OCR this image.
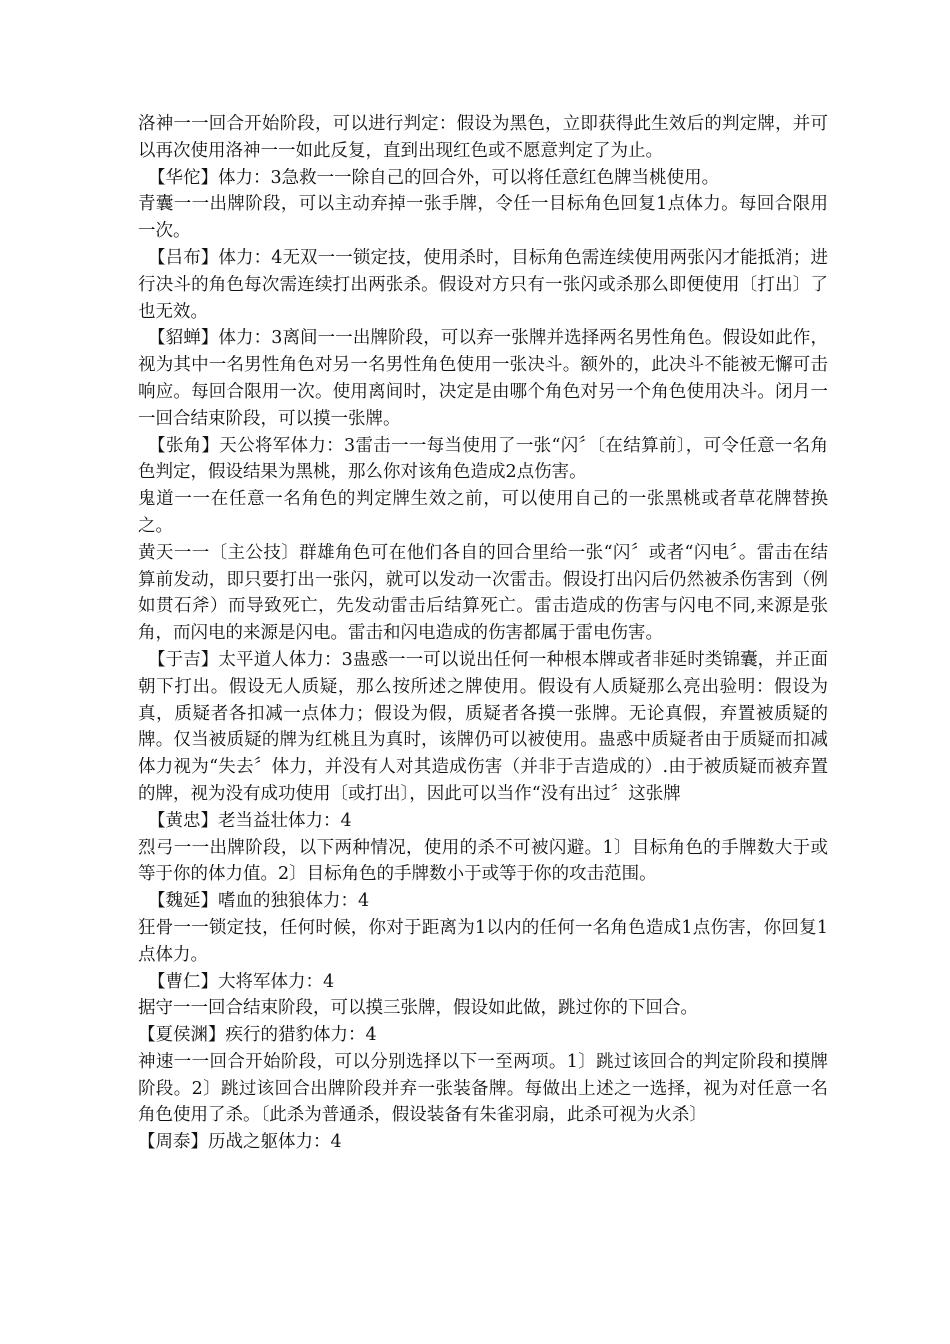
洛神一一回合开始阶段，可以进行判定：假设为黑色，立即获得此生效后的判定牌，并可以再次使用洛神一一如此反复，直到出现红色或不愿意判定了为止。

【华佗】体力：3急救一一除自己的回合外，可以将任意红色牌当桃使用。

青囊一一出牌阶段，可以主动弃掉一张手牌，令任一目标角色回复1点体力。每回合限用一次。

【吕布】体力：4无双一一锁定技，使用杀时，目标角色需连续使用两张闪才能抵消；进行决斗的角色每次需连续打出两张杀。假设对方只有一张闪或杀那么即便使用〔打出〕了也无效。

【貂蝉】体力：3离间一一出牌阶段，可以弃一张牌并选择两名男性角色。假设如此作，视为其中一名男性角色对另一名男性角色使用一张决斗。额外的，此决斗不能被无懈可击响应。每回合限用一次。使用离间时，决定是由哪个角色对另一个角色使用决斗。闭月一一回合结束阶段，可以摸一张牌。

【张角】天公将军体力：3雷击一一每当使用了一张“闪〞〔在结算前〕，可令任意一名角色判定，假设结果为黑桃，那么你对该角色造成2点伤害。

鬼道一一在任意一名角色的判定牌生效之前，可以使用自己的一张黑桃或者草花牌替换之。

黄天一一〔主公技〕群雄角色可在他们各自的回合里给一张“闪〞或者“闪电〞。雷击在结算前发动，即只要打出一张闪，就可以发动一次雷击。假设打出闪后仍然被杀伤害到（例如贯石斧）而导致死亡，先发动雷击后结算死亡。雷击造成的伤害与闪电不同,来源是张角，而闪电的来源是闪电。雷击和闪电造成的伤害都属于雷电伤害。

【于吉】太平道人体力：3蛊惑一一可以说出任何一种根本牌或者非延时类锦囊，并正面朝下打出。假设无人质疑，那么按所述之牌使用。假设有人质疑那么亮出验明：假设为真，质疑者各扣减一点体力；假设为假，质疑者各摸一张牌。无论真假，弃置被质疑的牌。仅当被质疑的牌为红桃且为真时，该牌仍可以被使用。蛊惑中质疑者由于质疑而扣减体力视为“失去〞体力，并没有人对其造成伤害（并非于吉造成的）.由于被质疑而被弃置的牌，视为没有成功使用〔或打出〕，因此可以当作“没有出过〞这张牌

【黄忠】老当益壮体力：4

烈弓一一出牌阶段，以下两种情况，使用的杀不可被闪避。1〕目标角色的手牌数大于或等于你的体力值。2〕目标角色的手牌数小于或等于你的攻击范围。

【魏延】嗜血的独狼体力：4

狂骨一一锁定技，任何时候，你对于距离为1以内的任何一名角色造成1点伤害，你回复1点体力。

【曹仁】大将军体力：4

据守一一回合结束阶段，可以摸三张牌，假设如此做，跳过你的下回合。

【夏侯渊】疾行的猎豹体力：4

神速一一回合开始阶段，可以分别选择以下一至两项。1〕跳过该回合的判定阶段和摸牌阶段。2〕跳过该回合出牌阶段并弃一张装备牌。每做出上述之一选择，视为对任意一名角色使用了杀。〔此杀为普通杀，假设装备有朱雀羽扇，此杀可视为火杀〕

【周泰】历战之躯体力：4
